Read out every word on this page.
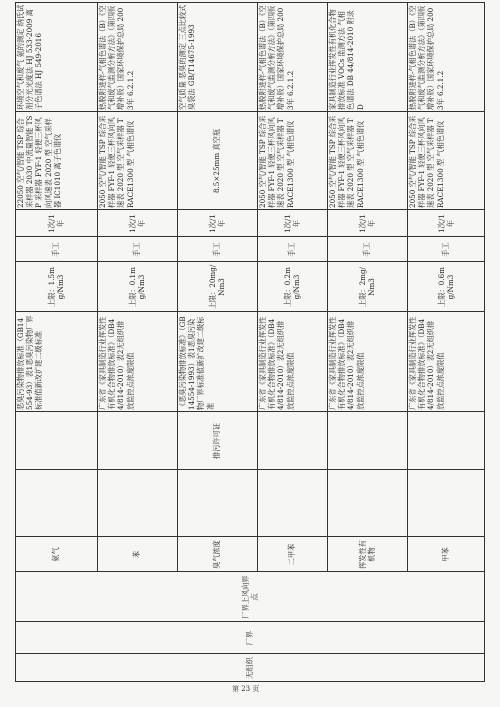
无组织
厂界
厂界上风向界点
排污许可证
氨气
恶臭污染物排放标准（GB14554-93）表1恶臭污染物厂界标准值新改扩建二级标准
上限：1.5mg/Nm3
手工
1次/1年
22050 空气/智能 TSP 综合采样器 2030 中流量智能 TSP 采样器 FYF-1 轻便三杯风向风速表 2020 型 空气采样器 IC1010 离子色谱仪
环境空气和废气 氨的测定 纳氏试剂分光光度法 HJ 533-2009 离子色谱法 HJ 549-2016
苯
广东省《家具制造行业挥发性有机化合物排放标准》（DB44/814-2010）表2无组织排放监控点浓度限值
上限：0.1mg/Nm3
手工
1次/1年
2050 空气/智能 TSP 综合采样器 FYF-1 轻便三杯风向风速表 2020 型 空气采样器 TRACE1300 型 气相色谱仪
热脱附进样-气相色谱法（B）《空气和废气监测分析方法》（第四版 增补版）国家环境保护总局 2003年 6.2.1.2
臭气浓度
《恶臭污染物排放标准》（GB14554-1993）表1恶臭污染物厂界标准值新扩改建二级标准
上限：20mg/Nm3
手工
1次/1年
8.5×25mm 真空瓶
空气质量 恶臭的测定 三点比较式臭袋法 GB/T14675-1993
二甲苯
广东省《家具制造行业挥发性有机化合物排放标准》（DB44/814-2010）表2无组织排放监控点浓度限值
上限：0.2mg/Nm3
手工
1次/1年
2050 空气/智能 TSP 综合采样器 FYF-1 轻便三杯风向风速表 2020 型 空气采样器 TRACE1300 型 气相色谱仪
热脱附进样-气相色谱法（B）《空气和废气监测分析方法》（第四版 增补版）国家环境保护总局 2003年 6.2.1.2
挥发性有机物
广东省《家具制造行业挥发性有机化合物排放标准》（DB44/814-2010）表2无组织排放监控点浓度限值
上限：2mg/Nm3
手工
1次/1年
2050 空气/智能 TSP 综合采样器 FYF-1 轻便三杯风向风速表 2020 型 空气采样器 TRACE1300 型 气相色谱仪
家具制造行业挥发性有机化合物排放标准 VOCs 监测方法 气相色谱法 DB 44/814-2010 附录 D
甲苯
广东省《家具制造行业挥发性有机化合物排放标准》（DB44/814-2010）表2无组织排放监控点浓度限值
上限：0.6mg/Nm3
手工
1次/1年
2050 空气/智能 TSP 综合采样器 FYF-1 轻便三杯风向风速表 2020 型 空气采样器 TRACE1300 型 气相色谱仪
热脱附进样-气相色谱法（B）《空气和废气监测分析方法》（第四版 增补版）国家环境保护总局 2003年 6.2.1.2
第 23 页
